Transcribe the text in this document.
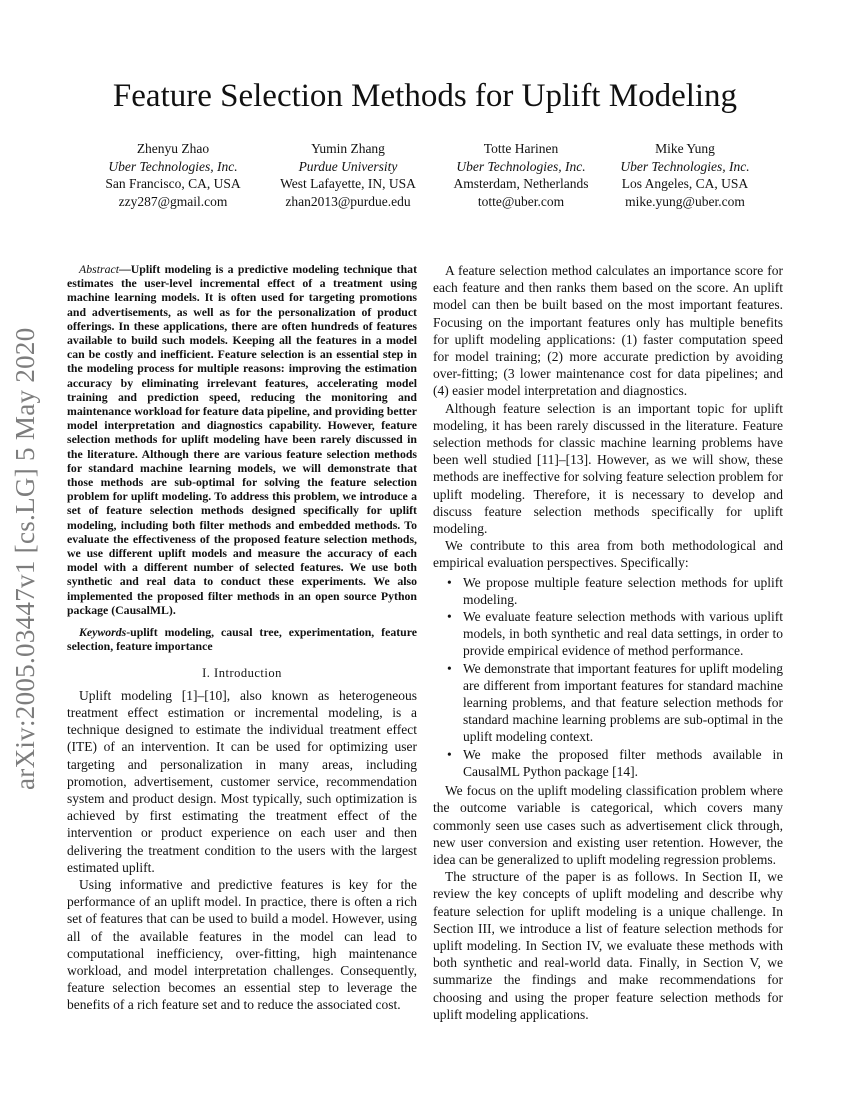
arXiv:2005.03447v1 [cs.LG] 5 May 2020
Feature Selection Methods for Uplift Modeling
Zhenyu Zhao
Uber Technologies, Inc.
San Francisco, CA, USA
zzy287@gmail.com
Yumin Zhang
Purdue University
West Lafayette, IN, USA
zhan2013@purdue.edu
Totte Harinen
Uber Technologies, Inc.
Amsterdam, Netherlands
totte@uber.com
Mike Yung
Uber Technologies, Inc.
Los Angeles, CA, USA
mike.yung@uber.com

Abstract—Uplift modeling is a predictive modeling technique that estimates the user-level incremental effect of a treatment using machine learning models. It is often used for targeting promotions and advertisements, as well as for the personalization of product offerings. In these applications, there are often hundreds of features available to build such models. Keeping all the features in a model can be costly and inefficient. Feature selection is an essential step in the modeling process for multiple reasons: improving the estimation accuracy by eliminating irrelevant features, accelerating model training and prediction speed, reducing the monitoring and maintenance workload for feature data pipeline, and providing better model interpretation and diagnostics capability. However, feature selection methods for uplift modeling have been rarely discussed in the literature. Although there are various feature selection methods for standard machine learning models, we will demonstrate that those methods are sub-optimal for solving the feature selection problem for uplift modeling. To address this problem, we introduce a set of feature selection methods designed specifically for uplift modeling, including both filter methods and embedded methods. To evaluate the effectiveness of the proposed feature selection methods, we use different uplift models and measure the accuracy of each model with a different number of selected features. We use both synthetic and real data to conduct these experiments. We also implemented the proposed filter methods in an open source Python package (CausalML).

Keywords-uplift modeling, causal tree, experimentation, feature selection, feature importance

I. Introduction

Uplift modeling [1]–[10], also known as heterogeneous treatment effect estimation or incremental modeling, is a technique designed to estimate the individual treatment effect (ITE) of an intervention. It can be used for optimizing user targeting and personalization in many areas, including promotion, advertisement, customer service, recommendation system and product design. Most typically, such optimization is achieved by first estimating the treatment effect of the intervention or product experience on each user and then delivering the treatment condition to the users with the largest estimated uplift.

Using informative and predictive features is key for the performance of an uplift model. In practice, there is often a rich set of features that can be used to build a model. However, using all of the available features in the model can lead to computational inefficiency, over-fitting, high maintenance workload, and model interpretation challenges. Consequently, feature selection becomes an essential step to leverage the benefits of a rich feature set and to reduce the associated cost.

A feature selection method calculates an importance score for each feature and then ranks them based on the score. An uplift model can then be built based on the most important features. Focusing on the important features only has multiple benefits for uplift modeling applications: (1) faster computation speed for model training; (2) more accurate prediction by avoiding over-fitting; (3 lower maintenance cost for data pipelines; and (4) easier model interpretation and diagnostics.

Although feature selection is an important topic for uplift modeling, it has been rarely discussed in the literature. Feature selection methods for classic machine learning problems have been well studied [11]–[13]. However, as we will show, these methods are ineffective for solving feature selection problem for uplift modeling. Therefore, it is necessary to develop and discuss feature selection methods specifically for uplift modeling.

We contribute to this area from both methodological and empirical evaluation perspectives. Specifically:

• We propose multiple feature selection methods for uplift modeling.
• We evaluate feature selection methods with various uplift models, in both synthetic and real data settings, in order to provide empirical evidence of method performance.
• We demonstrate that important features for uplift modeling are different from important features for standard machine learning problems, and that feature selection methods for standard machine learning problems are sub-optimal in the uplift modeling context.
• We make the proposed filter methods available in CausalML Python package [14].

We focus on the uplift modeling classification problem where the outcome variable is categorical, which covers many commonly seen use cases such as advertisement click through, new user conversion and existing user retention. However, the idea can be generalized to uplift modeling regression problems.

The structure of the paper is as follows. In Section II, we review the key concepts of uplift modeling and describe why feature selection for uplift modeling is a unique challenge. In Section III, we introduce a list of feature selection methods for uplift modeling. In Section IV, we evaluate these methods with both synthetic and real-world data. Finally, in Section V, we summarize the findings and make recommendations for choosing and using the proper feature selection methods for uplift modeling applications.
